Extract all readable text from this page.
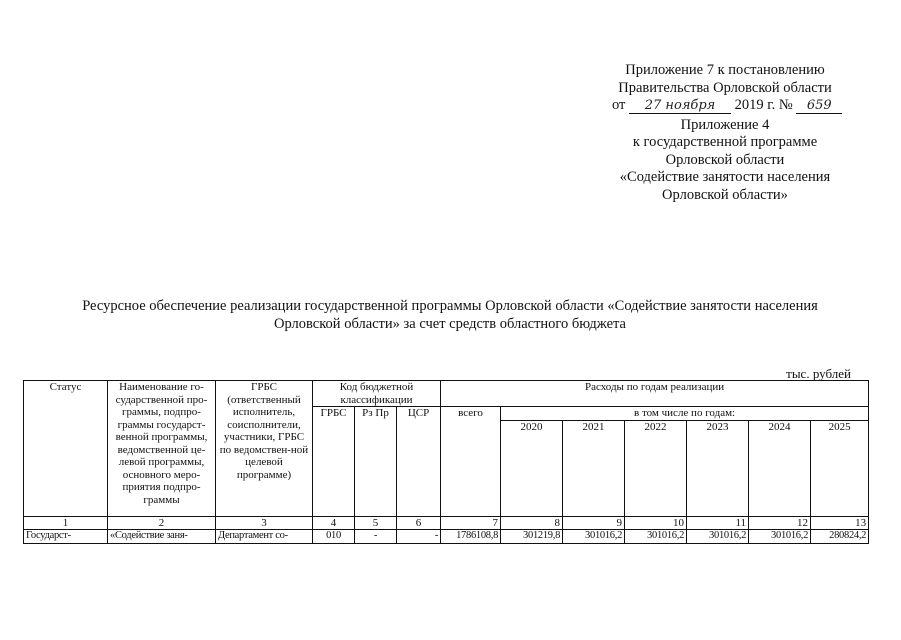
Приложение 7 к постановлению
Правительства Орловской области
от 27 ноября 2019 г. № 659
Приложение 4
к государственной программе
Орловской области
«Содействие занятости населения
Орловской области»
Ресурсное обеспечение реализации государственной программы Орловской области «Содействие занятости населения
Орловской области» за счет средств областного бюджета
тыс. рублей
Статус	Наименование го-сударственной про-граммы, подпро-граммы государст-венной программы, ведомственной це-левой программы, основного меро-приятия подпро-граммы	ГРБС (ответственный исполнитель, соисполнители, участники, ГРБС по ведомствен-ной целевой программе)	Код бюджетной классификации			Расходы по годам реализации						
			ГРБС	Рз Пр	ЦСР	всего	в том числе по годам:					
							2020	2021	2022	2023	2024	2025
1	2	3	4	5	6	7	8	9	10	11	12	13
Государст-	«Содействие заня-	Департамент со-	010	-	-	1786108,8	301219,8	301016,2	301016,2	301016,2	301016,2	280824,2
